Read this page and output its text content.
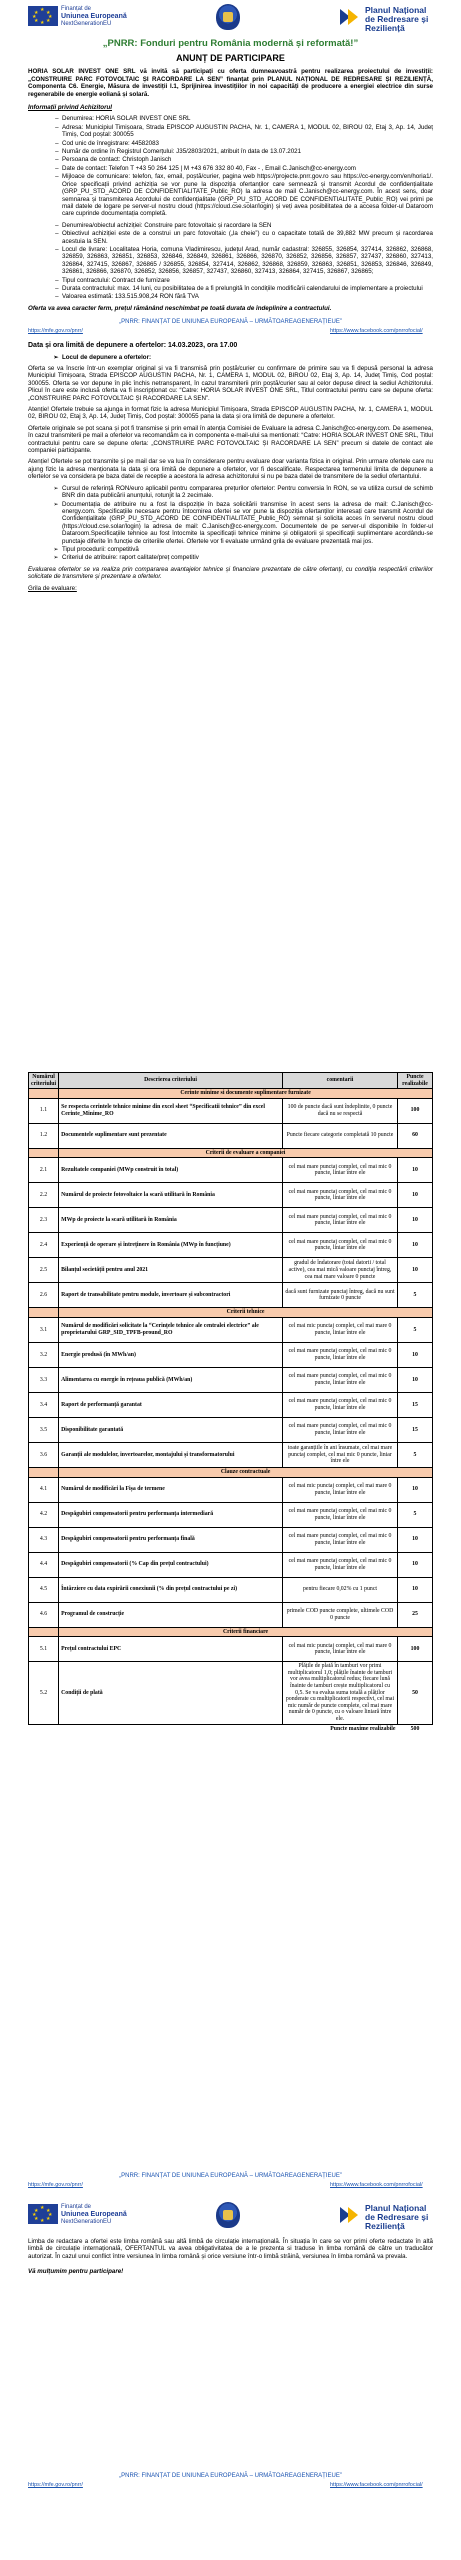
★
★ ★
★ ★
★ ★
★
Finanțat de
Uniunea Europeană
NextGenerationEU
Planul Național
de Redresare și Reziliență
„PNRR: Fonduri pentru România modernă și reformată!”
ANUNȚ DE PARTICIPARE

HORIA SOLAR INVEST ONE SRL vă invită să participați cu oferta dumneavoastră pentru realizarea proiectului de investiții: „CONSTRUIRE PARC FOTOVOLTAIC ȘI RACORDARE LA SEN” finanțat prin PLANUL NAȚIONAL DE REDRESARE ȘI REZILIENȚĂ, Componenta C6. Energie, Măsura de investiții I.1, Sprijinirea investițiilor în noi capacități de producere a energiei electrice din surse regenerabile de energie eoliană și solară.

Informații privind Achizitorul

– Denumirea: HORIA SOLAR INVEST ONE SRL
– Adresa: Municipiul Timișoara, Strada EPISCOP AUGUSTIN PACHA, Nr. 1, CAMERA 1, MODUL 02, BIROU 02, Etaj 3, Ap. 14, Județ Timiș, Cod poștal: 300055
– Cod unic de înregistrare: 44582083
– Număr de ordine în Registrul Comerțului: J35/2803/2021, atribuit în data de 13.07.2021
– Persoana de contact: Christoph Janisch
– Date de contact: Telefon T +43 50 264 125 | M +43 676 332 80 40, Fax - , Email C.Janisch@cc-energy.com
– Mijloace de comunicare: telefon, fax, email, poștă/curier, pagina web https://projecte.pnrr.gov.ro sau https://cc-energy.com/en/horia1/. Orice specificații privind achiziția se vor pune la dispoziția ofertanților care semnează și transmit Acordul de confidențialitate (GRP_PU_STD_ACORD DE CONFIDENTIALITATE_Public_RO) la adresa de mail C.Janisch@cc-energy.com. În acest sens, doar semnarea și transmiterea Acordului de confidențialitate (GRP_PU_STD_ACORD DE CONFIDENTIALITATE_Public_RO) vei primi pe mail datele de logare pe server-ul nostru cloud (https://cloud.cse.solar/login) și veți avea posibilitatea de a accesa folder-ul Dataroom care cuprinde documentația completă.
– Denumirea/obiectul achiziției: Construire parc fotovoltaic și racordare la SEN
– Obiectivul achiziției este de a construi un parc fotovoltaic („la cheie”) cu o capacitate totală de 39,882 MW precum și racordarea acestuia la SEN.
– Locul de livrare: Localitatea Horia, comuna Vladimirescu, județul Arad, număr cadastral: 326855, 326854, 327414, 326862, 326868, 326859, 326863, 326851, 326853, 326846, 326849, 326861, 326866, 326870, 326852, 326856, 326857, 327437, 326860, 327413, 326864, 327415, 326867, 326865 / 326855, 326854, 327414, 326862, 326868, 326859, 326863, 326851, 326853, 326846, 326849, 326861, 326866, 326870, 326852, 326856, 326857, 327437, 326860, 327413, 326864, 327415, 326867, 326865;
– Tipul contractului: Contract de furnizare
– Durata contractului: max. 14 luni, cu posibilitatea de a fi prelungită în condițiile modificării calendarului de implementare a proiectului
– Valoarea estimată: 133.515.908,24 RON fără TVA

Oferta va avea caracter ferm, prețul rămânând neschimbat pe toată durata de îndeplinire a contractului.

„PNRR: FINANȚAT DE UNIUNEA EUROPEANĂ – URMĂTOAREAGENERAȚIEUE”
https://mfe.gov.ro/pnrr/	https://www.facebook.com/pnrrofocial/

Data și ora limită de depunere a ofertelor: 14.03.2023, ora 17.00

➢ Locul de depunere a ofertelor:

Oferta se va înscrie într-un exemplar original și va fi transmisă prin poștă/curier cu confirmare de primire sau va fi depusă personal la adresa Municipiul Timișoara, Strada EPISCOP AUGUSTIN PACHA, Nr. 1, CAMERA 1, MODUL 02, BIROU 02, Etaj 3, Ap. 14, Județ Timiș, Cod poștal: 300055. Oferta se vor depune în plic închis netransparent, în cazul transmiterii prin poștă/curier sau al celor depuse direct la sediul Achizitorului. Plicul în care este inclusă oferta va fi inscripționat cu: “Catre: HORIA SOLAR INVEST ONE SRL, Titlul contractului pentru care se depune oferta: „CONSTRUIRE PARC FOTOVOLTAIC ȘI RACORDARE LA SEN”.

Atenție! Ofertele trebuie sa ajunga in format fizic la adresa Municipiul Timișoara, Strada EPISCOP AUGUSTIN PACHA, Nr. 1, CAMERA 1, MODUL 02, BIROU 02, Etaj 3, Ap. 14, Județ Timiș, Cod poștal: 300055 pana la data și ora limită de depunere a ofertelor.

Ofertele originale se pot scana și pot fi transmise și prin email în atenția Comisiei de Evaluare la adresa C.Janisch@cc-energy.com. De asemenea, în cazul transmiterii pe mail a ofertelor va recomandăm ca in componenta e-mail-ului sa mentionati: “Catre: HORIA SOLAR INVEST ONE SRL, Titlul contractului pentru care se depune oferta: „CONSTRUIRE PARC FOTOVOLTAIC ȘI RACORDARE LA SEN” precum si datele de contact ale companiei participante.

Atenție! Ofertele se pot transmite și pe mail dar se va lua în considerare pentru evaluare doar varianta fizica in original. Prin urmare ofertele care nu ajung fizic la adresa menționata la data și ora limită de depunere a ofertelor, vor fi descalificate. Respectarea termenului limita de depunere a ofertelor se va considera pe baza datei de receptie a acestora la adresa achizitorului si nu pe baza datei de transmitere de la sediul ofertantului.

➢ Cursul de referință RON/euro aplicabil pentru compararea prețurilor ofertelor: Pentru conversia în RON, se va utiliza cursul de schimb BNR din data publicării anunțului, rotunjit la 2 zecimale.
➢ Documentația de atribuire nu a fost la dispoziție în baza solicitării transmise în acest sens la adresa de mail: C.Janisch@cc-energy.com. Specificațiile necesare pentru întocmirea ofertei se vor pune la dispoziția ofertanților interesați care transmit Acordul de Confidențialitate (GRP_PU_STD_ACORD DE CONFIDENTIALITATE_Public_RO) semnat și solicita acces în serverul nostru cloud (https://cloud.cse.solar/login) la adresa de mail: C.Janisch@cc-energy.com. Documentele de pe server-ul disponibile în folder-ul Dataroom.Specificațiile tehnice au fost întocmite la specificații tehnice minime și obligatorii și specificații suplimentare acordându-se punctaje diferite în funcție de criteriile ofertei. Ofertele vor fi evaluate urmând grila de evaluare prezentată mai jos.
➢ Tipul procedurii: competitivă
➢ Criteriul de atribuire: raport calitate/preț competitiv

Evaluarea ofertelor se va realiza prin compararea avantajelor tehnice și financiare prezentate de către ofertanți, cu condiția respectării criteriilor solicitate de transmitere și prezentare a ofertelor.

Grila de evaluare:

Numărul criteriului	Descrierea criteriului	comentarii	Puncte realizabile
	Cerinte minime si documente suplimentare furnizate		
1.1	Se respecta cerintele tehnice minime din excel sheet “Specificatii tehnice” din excel Cerinte_Minime_RO	100 de puncte dacă sunt îndeplinite, 0 puncte dacă nu se respectă	100
1.2	Documentele suplimentare sunt prezentate	Puncte fiecare categorie completată 10 puncte	60
	Criterii de evaluare a companiei		
2.1	Rezultatele companiei (MWp construit în total)	cel mai mare punctaj complet, cel mai mic 0 puncte, liniar între ele	10
2.2	Numărul de proiecte fotovoltaice la scară utilitară în România	cel mai mare punctaj complet, cel mai mic 0 puncte, liniar între ele	10
2.3	MWp de proiecte la scară utilitară în România	cel mai mare punctaj complet, cel mai mic 0 puncte, liniar între ele	10
2.4	Experiență de operare și întreținere în România (MWp în funcțiune)	cel mai mare punctaj complet, cel mai mic 0 puncte, liniar între ele	10
2.5	Bilanțul societății pentru anul 2021	gradul de îndatorare (total datorii / total active), cea mai mică valoare punctaj întreg, cea mai mare valoare 0 puncte	10
2.6	Raport de transabilitate pentru module, invertoare și subcontractori	dacă sunt furnizate punctaj întreg, dacă nu sunt furnizate 0 puncte	5
	Criterii tehnice		
3.1	Numărul de modificări solicitate la “Cerințele tehnice ale centralei electrice” ale proprietarului GRP_SID_TPFB-pround_RO	cel mai mic punctaj complet, cel mai mare 0 puncte, liniar între ele	5
3.2	Energie produsă (în MWh/an)	cel mai mare punctaj complet, cel mai mic 0 puncte, liniar între ele	10
3.3	Alimentarea cu energie în rețeaua publică (MWh/an)	cel mai mare punctaj complet, cel mai mic 0 puncte, liniar între ele	10
3.4	Raport de performanță garantat	cel mai mare punctaj complet, cel mai mic 0 puncte, liniar între ele	15
3.5	Disponibilitate garantată	cel mai mare punctaj complet, cel mai mic 0 puncte, liniar între ele	15
3.6	Garanții ale modulelor, invertoarelor, montajului și transformatorului	toate garanțiile în ani însumate, cel mai mare punctaj complet, cel mai mic 0 puncte, liniar între ele	5
	Clauze contractuale		
4.1	Numărul de modificări la Fișa de termene	cel mai mic punctaj complet, cel mai mare 0 puncte, liniar între ele	10
4.2	Despăgubiri compensatorii pentru performanța intermediară	cel mai mare punctaj complet, cel mai mic 0 puncte, liniar între ele	5
4.3	Despăgubiri compensatorii pentru performanța finală	cel mai mare punctaj complet, cel mai mic 0 puncte, liniar între ele	10
4.4	Despăgubiri compensatorii (% Cap din prețul contractului)	cel mai mare punctaj complet, cel mai mic 0 puncte, liniar între ele	10
4.5	Întârziere cu data expirării conexiunii (% din prețul contractului pe zi)	pentru fiecare 0,02% cu 1 punct	10
4.6	Programul de construcție	primele COD puncte complete, ultimele COD 0 puncte	25
	Criterii financiare		
5.1	Prețul contractului EPC	cel mai mic punctaj complet, cel mai mare 0 puncte, liniar între ele	100
5.2	Condiții de plată	Plățile de plată în tamburi vor primi multiplicatorul 1,0; plățile înainte de tamburi vor avea multiplicatorul redus; fiecare lună înainte de tamburi crește multiplicatorul cu 0,5. Se va evalua suma totală a plăților ponderate cu multiplicatorii respectivi, cel mai mic număr de puncte complete, cel mai mare număr de 0 puncte, cu o valoare liniară între ele.	50
Puncte maxime realizabile			500
„PNRR: FINANȚAT DE UNIUNEA EUROPEANĂ – URMĂTOAREAGENERAȚIEUE”
https://mfe.gov.ro/pnrr/	https://www.facebook.com/pnrrofocial/
★
★ ★
★ ★
★ ★
★
Finanțat de
Uniunea Europeană
NextGenerationEU
Planul Național
de Redresare și Reziliență

Limba de redactare a ofertei este limba română sau altă limbă de circulație internațională. În situația în care se vor primi oferte redactate în altă limbă de circulație internațională, OFERTANTUL va avea obligativitatea de a le prezenta si traduse în limba română de către un traducător autorizat. În cazul unui conflict între versiunea în limba română și orice versiune într-o limbă străină, versiunea în limba română va prevala.

Vă mulțumim pentru participare!

„PNRR: FINANȚAT DE UNIUNEA EUROPEANĂ – URMĂTOAREAGENERAȚIEUE”
https://mfe.gov.ro/pnrr/	https://www.facebook.com/pnrrofocial/
